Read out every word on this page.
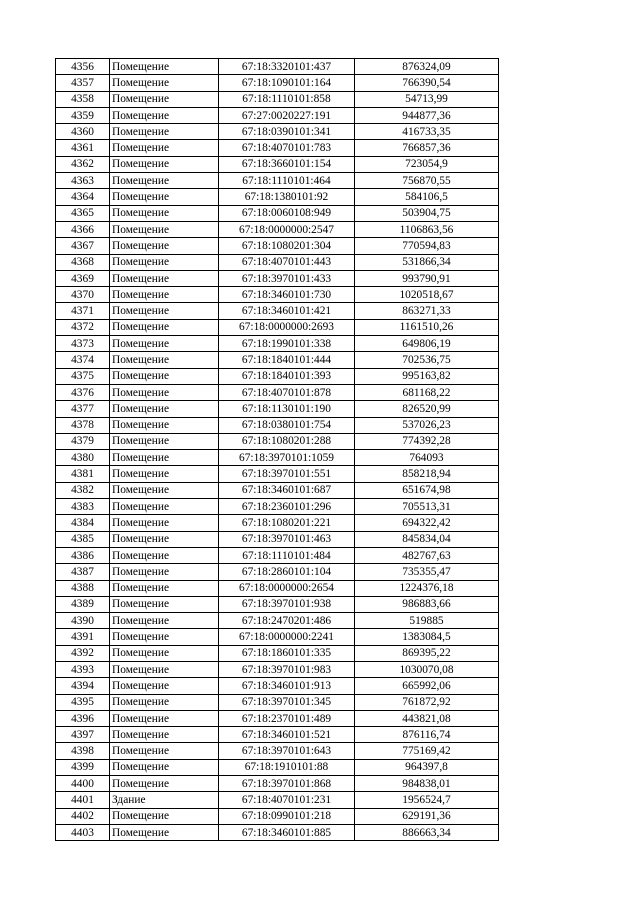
4356	Помещение	67:18:3320101:437	876324,09
4357	Помещение	67:18:1090101:164	766390,54
4358	Помещение	67:18:1110101:858	54713,99
4359	Помещение	67:27:0020227:191	944877,36
4360	Помещение	67:18:0390101:341	416733,35
4361	Помещение	67:18:4070101:783	766857,36
4362	Помещение	67:18:3660101:154	723054,9
4363	Помещение	67:18:1110101:464	756870,55
4364	Помещение	67:18:1380101:92	584106,5
4365	Помещение	67:18:0060108:949	503904,75
4366	Помещение	67:18:0000000:2547	1106863,56
4367	Помещение	67:18:1080201:304	770594,83
4368	Помещение	67:18:4070101:443	531866,34
4369	Помещение	67:18:3970101:433	993790,91
4370	Помещение	67:18:3460101:730	1020518,67
4371	Помещение	67:18:3460101:421	863271,33
4372	Помещение	67:18:0000000:2693	1161510,26
4373	Помещение	67:18:1990101:338	649806,19
4374	Помещение	67:18:1840101:444	702536,75
4375	Помещение	67:18:1840101:393	995163,82
4376	Помещение	67:18:4070101:878	681168,22
4377	Помещение	67:18:1130101:190	826520,99
4378	Помещение	67:18:0380101:754	537026,23
4379	Помещение	67:18:1080201:288	774392,28
4380	Помещение	67:18:3970101:1059	764093
4381	Помещение	67:18:3970101:551	858218,94
4382	Помещение	67:18:3460101:687	651674,98
4383	Помещение	67:18:2360101:296	705513,31
4384	Помещение	67:18:1080201:221	694322,42
4385	Помещение	67:18:3970101:463	845834,04
4386	Помещение	67:18:1110101:484	482767,63
4387	Помещение	67:18:2860101:104	735355,47
4388	Помещение	67:18:0000000:2654	1224376,18
4389	Помещение	67:18:3970101:938	986883,66
4390	Помещение	67:18:2470201:486	519885
4391	Помещение	67:18:0000000:2241	1383084,5
4392	Помещение	67:18:1860101:335	869395,22
4393	Помещение	67:18:3970101:983	1030070,08
4394	Помещение	67:18:3460101:913	665992,06
4395	Помещение	67:18:3970101:345	761872,92
4396	Помещение	67:18:2370101:489	443821,08
4397	Помещение	67:18:3460101:521	876116,74
4398	Помещение	67:18:3970101:643	775169,42
4399	Помещение	67:18:1910101:88	964397,8
4400	Помещение	67:18:3970101:868	984838,01
4401	Здание	67:18:4070101:231	1956524,7
4402	Помещение	67:18:0990101:218	629191,36
4403	Помещение	67:18:3460101:885	886663,34
